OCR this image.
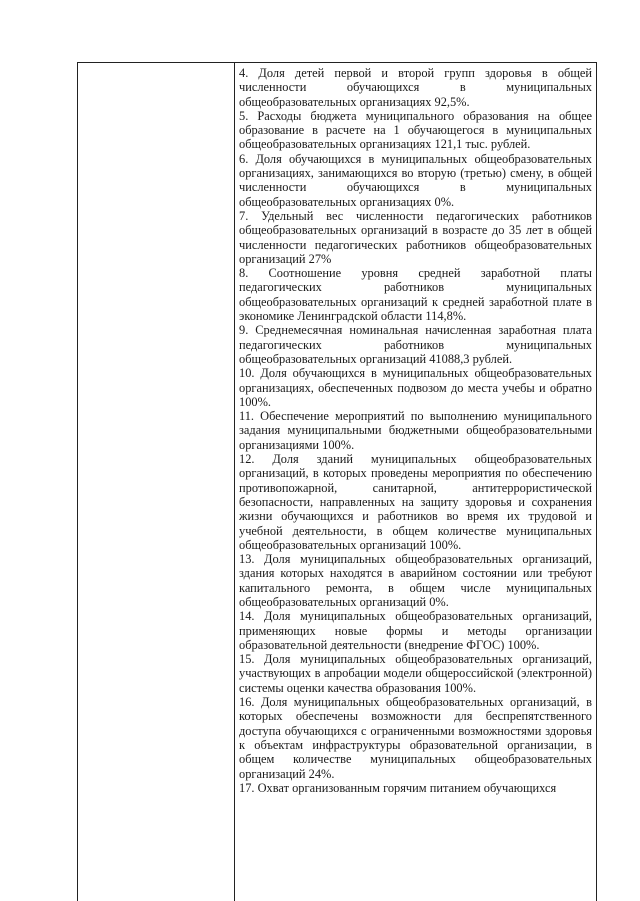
4. Доля детей первой и второй групп здоровья в общей численности обучающихся в муниципальных общеобразовательных организациях 92,5%.

5. Расходы бюджета муниципального образования на общее образование в расчете на 1 обучающегося в муниципальных общеобразовательных организациях 121,1 тыс. рублей.

6. Доля обучающихся в муниципальных общеобразовательных организациях, занимающихся во вторую (третью) смену, в общей численности обучающихся в муниципальных общеобразовательных организациях 0%.

7. Удельный вес численности педагогических работников общеобразовательных организаций в возрасте до 35 лет в общей численности педагогических работников общеобразовательных организаций 27%

8. Соотношение уровня средней заработной платы педагогических работников муниципальных общеобразовательных организаций к средней заработной плате в экономике Ленинградской области 114,8%.

9. Среднемесячная номинальная начисленная заработная плата педагогических работников муниципальных общеобразовательных организаций 41088,3 рублей.

10. Доля обучающихся в муниципальных общеобразовательных организациях, обеспеченных подвозом до места учебы и обратно 100%.

11. Обеспечение мероприятий по выполнению муниципального задания муниципальными бюджетными общеобразовательными организациями 100%.

12. Доля зданий муниципальных общеобразовательных организаций, в которых проведены мероприятия по обеспечению противопожарной, санитарной, антитеррористической безопасности, направленных на защиту здоровья и сохранения жизни обучающихся и работников во время их трудовой и учебной деятельности, в общем количестве муниципальных общеобразовательных организаций 100%.

13. Доля муниципальных общеобразовательных организаций, здания которых находятся в аварийном состоянии или требуют капитального ремонта, в общем числе муниципальных общеобразовательных организаций 0%.

14. Доля муниципальных общеобразовательных организаций, применяющих новые формы и методы организации образовательной деятельности (внедрение ФГОС) 100%.

15. Доля муниципальных общеобразовательных организаций, участвующих в апробации модели общероссийской (электронной) системы оценки качества образования 100%.

16. Доля муниципальных общеобразовательных организаций, в которых обеспечены возможности для беспрепятственного доступа обучающихся с ограниченными возможностями здоровья к объектам инфраструктуры образовательной организации, в общем количестве муниципальных общеобразовательных организаций 24%.

17. Охват организованным горячим питанием обучающихся
